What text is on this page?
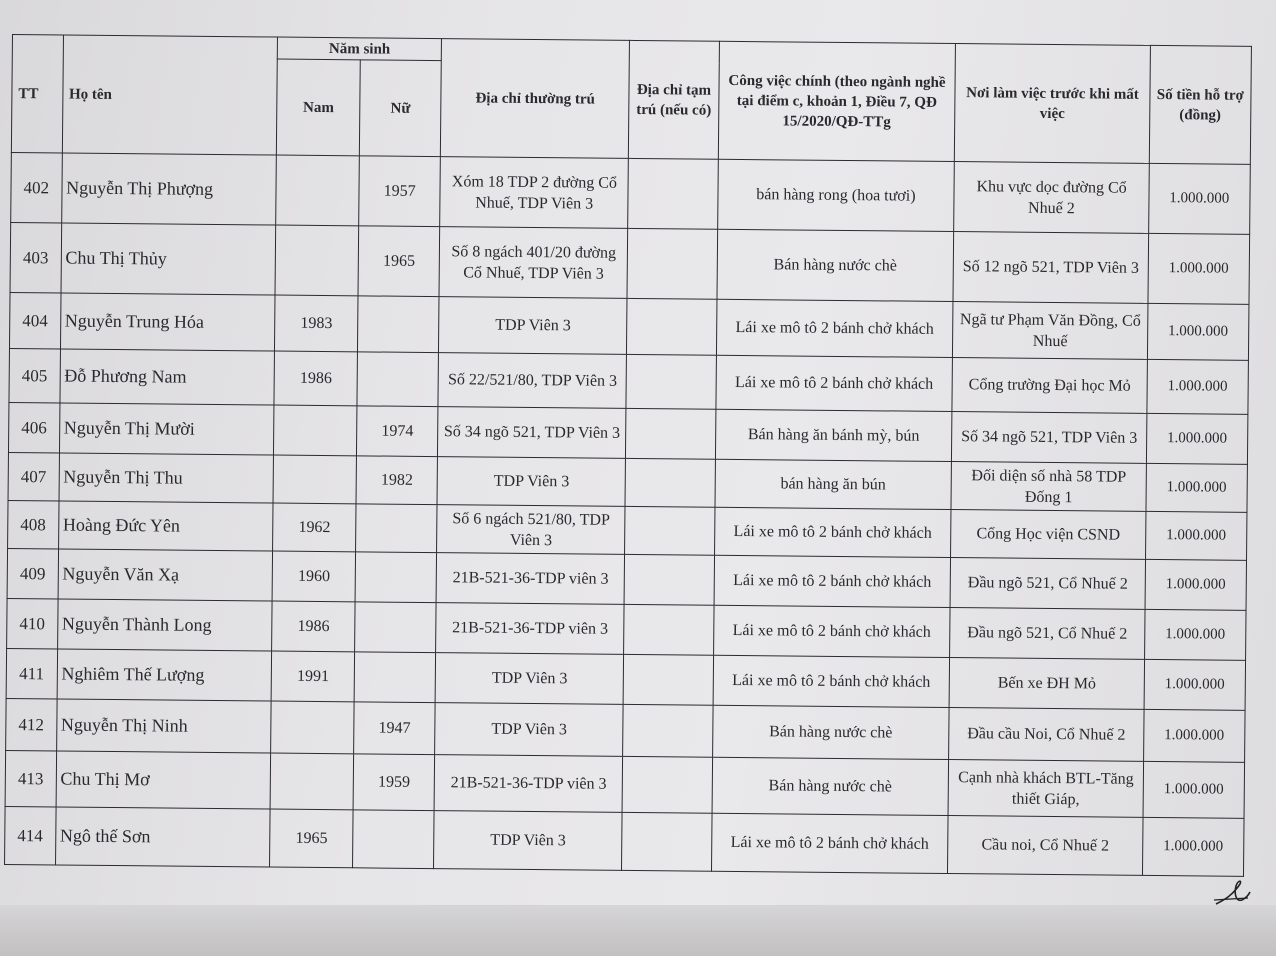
TT	Họ tên	Năm sinh		Địa chỉ thường trú	Địa chỉ tạm trú (nếu có)	Công việc chính (theo ngành nghề tại điểm c, khoản 1, Điều 7, QĐ 15/2020/QĐ-TTg	Nơi làm việc trước khi mất việc	Số tiền hỗ trợ (đồng)
		Nam	Nữ					
402	Nguyễn Thị Phượng		1957	Xóm 18 TDP 2 đường Cổ Nhuế, TDP Viên 3		bán hàng rong (hoa tươi)	Khu vực dọc đường Cổ Nhuế 2	1.000.000
403	Chu Thị Thủy		1965	Số 8 ngách 401/20 đường Cổ Nhuế, TDP Viên 3		Bán hàng nước chè	Số 12 ngõ 521, TDP Viên 3	1.000.000
404	Nguyễn Trung Hóa	1983		TDP Viên 3		Lái xe mô tô 2 bánh chở khách	Ngã tư Phạm Văn Đồng, Cổ Nhuế	1.000.000
405	Đỗ Phương Nam	1986		Số 22/521/80, TDP Viên 3		Lái xe mô tô 2 bánh chở khách	Cổng trường Đại học Mỏ	1.000.000
406	Nguyễn Thị Mười		1974	Số 34 ngõ 521, TDP Viên 3		Bán hàng ăn bánh mỳ, bún	Số 34 ngõ 521, TDP Viên 3	1.000.000
407	Nguyễn Thị Thu		1982	TDP Viên 3		bán hàng ăn bún	Đối diện số nhà 58 TDP Đống 1	1.000.000
408	Hoàng Đức Yên	1962		Số 6 ngách 521/80, TDP Viên 3		Lái xe mô tô 2 bánh chở khách	Cổng Học viện CSND	1.000.000
409	Nguyễn Văn Xạ	1960		21B-521-36-TDP viên 3		Lái xe mô tô 2 bánh chở khách	Đầu ngõ 521, Cổ Nhuế 2	1.000.000
410	Nguyễn Thành Long	1986		21B-521-36-TDP viên 3		Lái xe mô tô 2 bánh chở khách	Đầu ngõ 521, Cổ Nhuế 2	1.000.000
411	Nghiêm Thế Lượng	1991		TDP Viên 3		Lái xe mô tô 2 bánh chở khách	Bến xe ĐH Mỏ	1.000.000
412	Nguyễn Thị Ninh		1947	TDP Viên 3		Bán hàng nước chè	Đầu cầu Noi, Cổ Nhuế 2	1.000.000
413	Chu Thị Mơ		1959	21B-521-36-TDP viên 3		Bán hàng nước chè	Cạnh nhà khách BTL-Tăng thiết Giáp,	1.000.000
414	Ngô thế Sơn	1965		TDP Viên 3		Lái xe mô tô 2 bánh chở khách	Cầu noi, Cổ Nhuế 2	1.000.000
